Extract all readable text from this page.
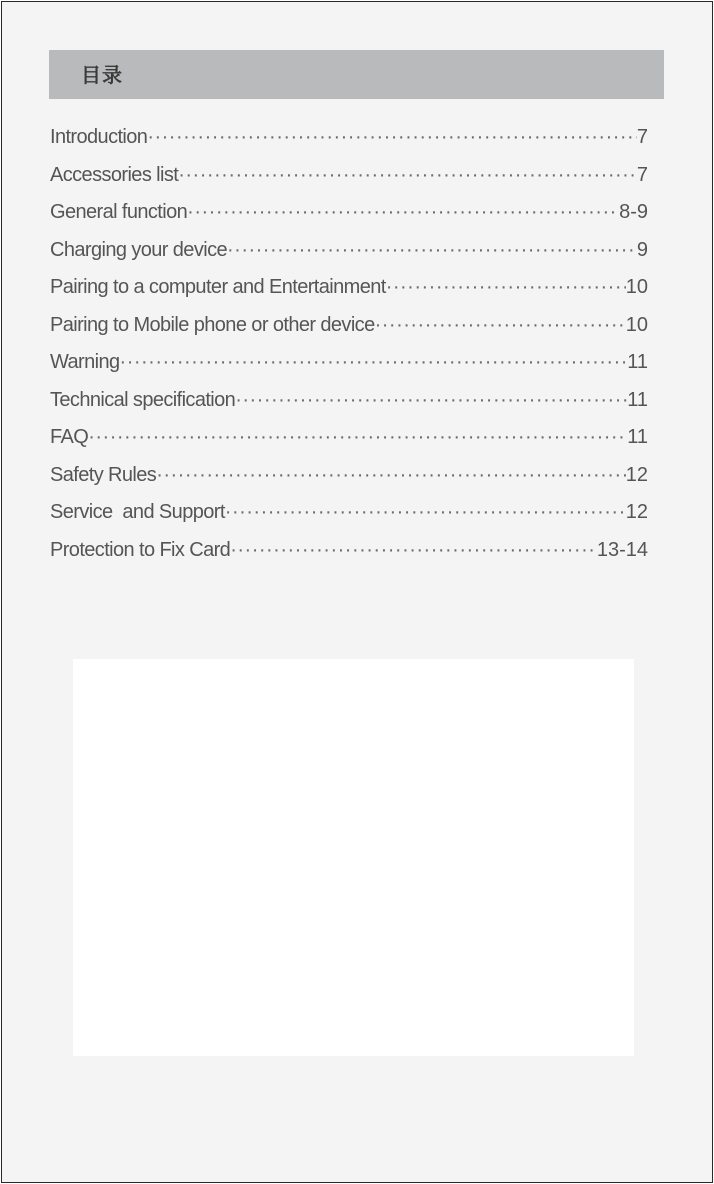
目录
Introduction ·····	7
Accessories list ·····	7
General function ·····	8-9
Charging your device ·····	9
Pairing to a computer and Entertainment ·····	10
Pairing to Mobile phone or other device ·····	10
Warning ·····	11
Technical specification ·····	11
FAQ ·····	11
Safety Rules ·····	12
Service  and Support ·····	12
Protection to Fix Card ·····	13-14
